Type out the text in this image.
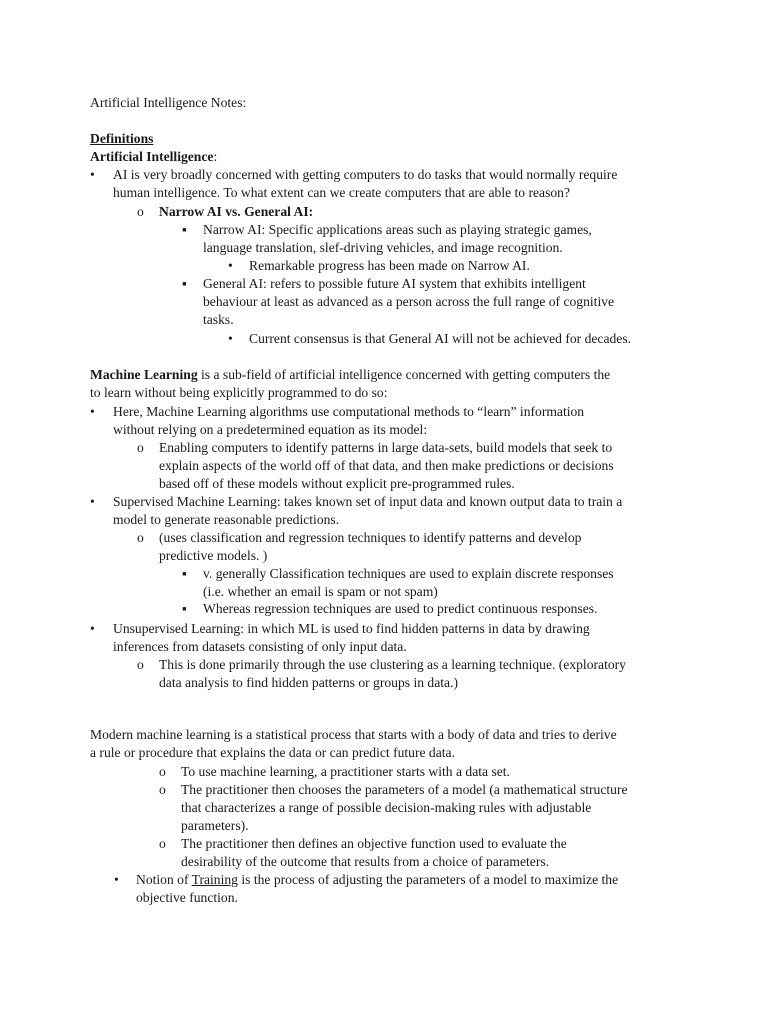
Artificial Intelligence Notes:
Definitions
Artificial Intelligence:
• AI is very broadly concerned with getting computers to do tasks that would normally require
human intelligence. To what extent can we create computers that are able to reason?
o Narrow AI vs. General AI:
▪ Narrow AI: Specific applications areas such as playing strategic games,
language translation, slef-driving vehicles, and image recognition.
• Remarkable progress has been made on Narrow AI.
▪ General AI: refers to possible future AI system that exhibits intelligent
behaviour at least as advanced as a person across the full range of cognitive
tasks.
• Current consensus is that General AI will not be achieved for decades.
Machine Learning is a sub-field of artificial intelligence concerned with getting computers the
to learn without being explicitly programmed to do so:
• Here, Machine Learning algorithms use computational methods to “learn” information
without relying on a predetermined equation as its model:
o Enabling computers to identify patterns in large data-sets, build models that seek to
explain aspects of the world off of that data, and then make predictions or decisions
based off of these models without explicit pre-programmed rules.
• Supervised Machine Learning: takes known set of input data and known output data to train a
model to generate reasonable predictions.
o (uses classification and regression techniques to identify patterns and develop
predictive models. )
▪ v. generally Classification techniques are used to explain discrete responses
(i.e. whether an email is spam or not spam)
▪ Whereas regression techniques are used to predict continuous responses.
• Unsupervised Learning: in which ML is used to find hidden patterns in data by drawing
inferences from datasets consisting of only input data.
o This is done primarily through the use clustering as a learning technique. (exploratory
data analysis to find hidden patterns or groups in data.)
Modern machine learning is a statistical process that starts with a body of data and tries to derive
a rule or procedure that explains the data or can predict future data.
o To use machine learning, a practitioner starts with a data set.
o The practitioner then chooses the parameters of a model (a mathematical structure
that characterizes a range of possible decision-making rules with adjustable
parameters).
o The practitioner then defines an objective function used to evaluate the
desirability of the outcome that results from a choice of parameters.
• Notion of Training is the process of adjusting the parameters of a model to maximize the
objective function.
